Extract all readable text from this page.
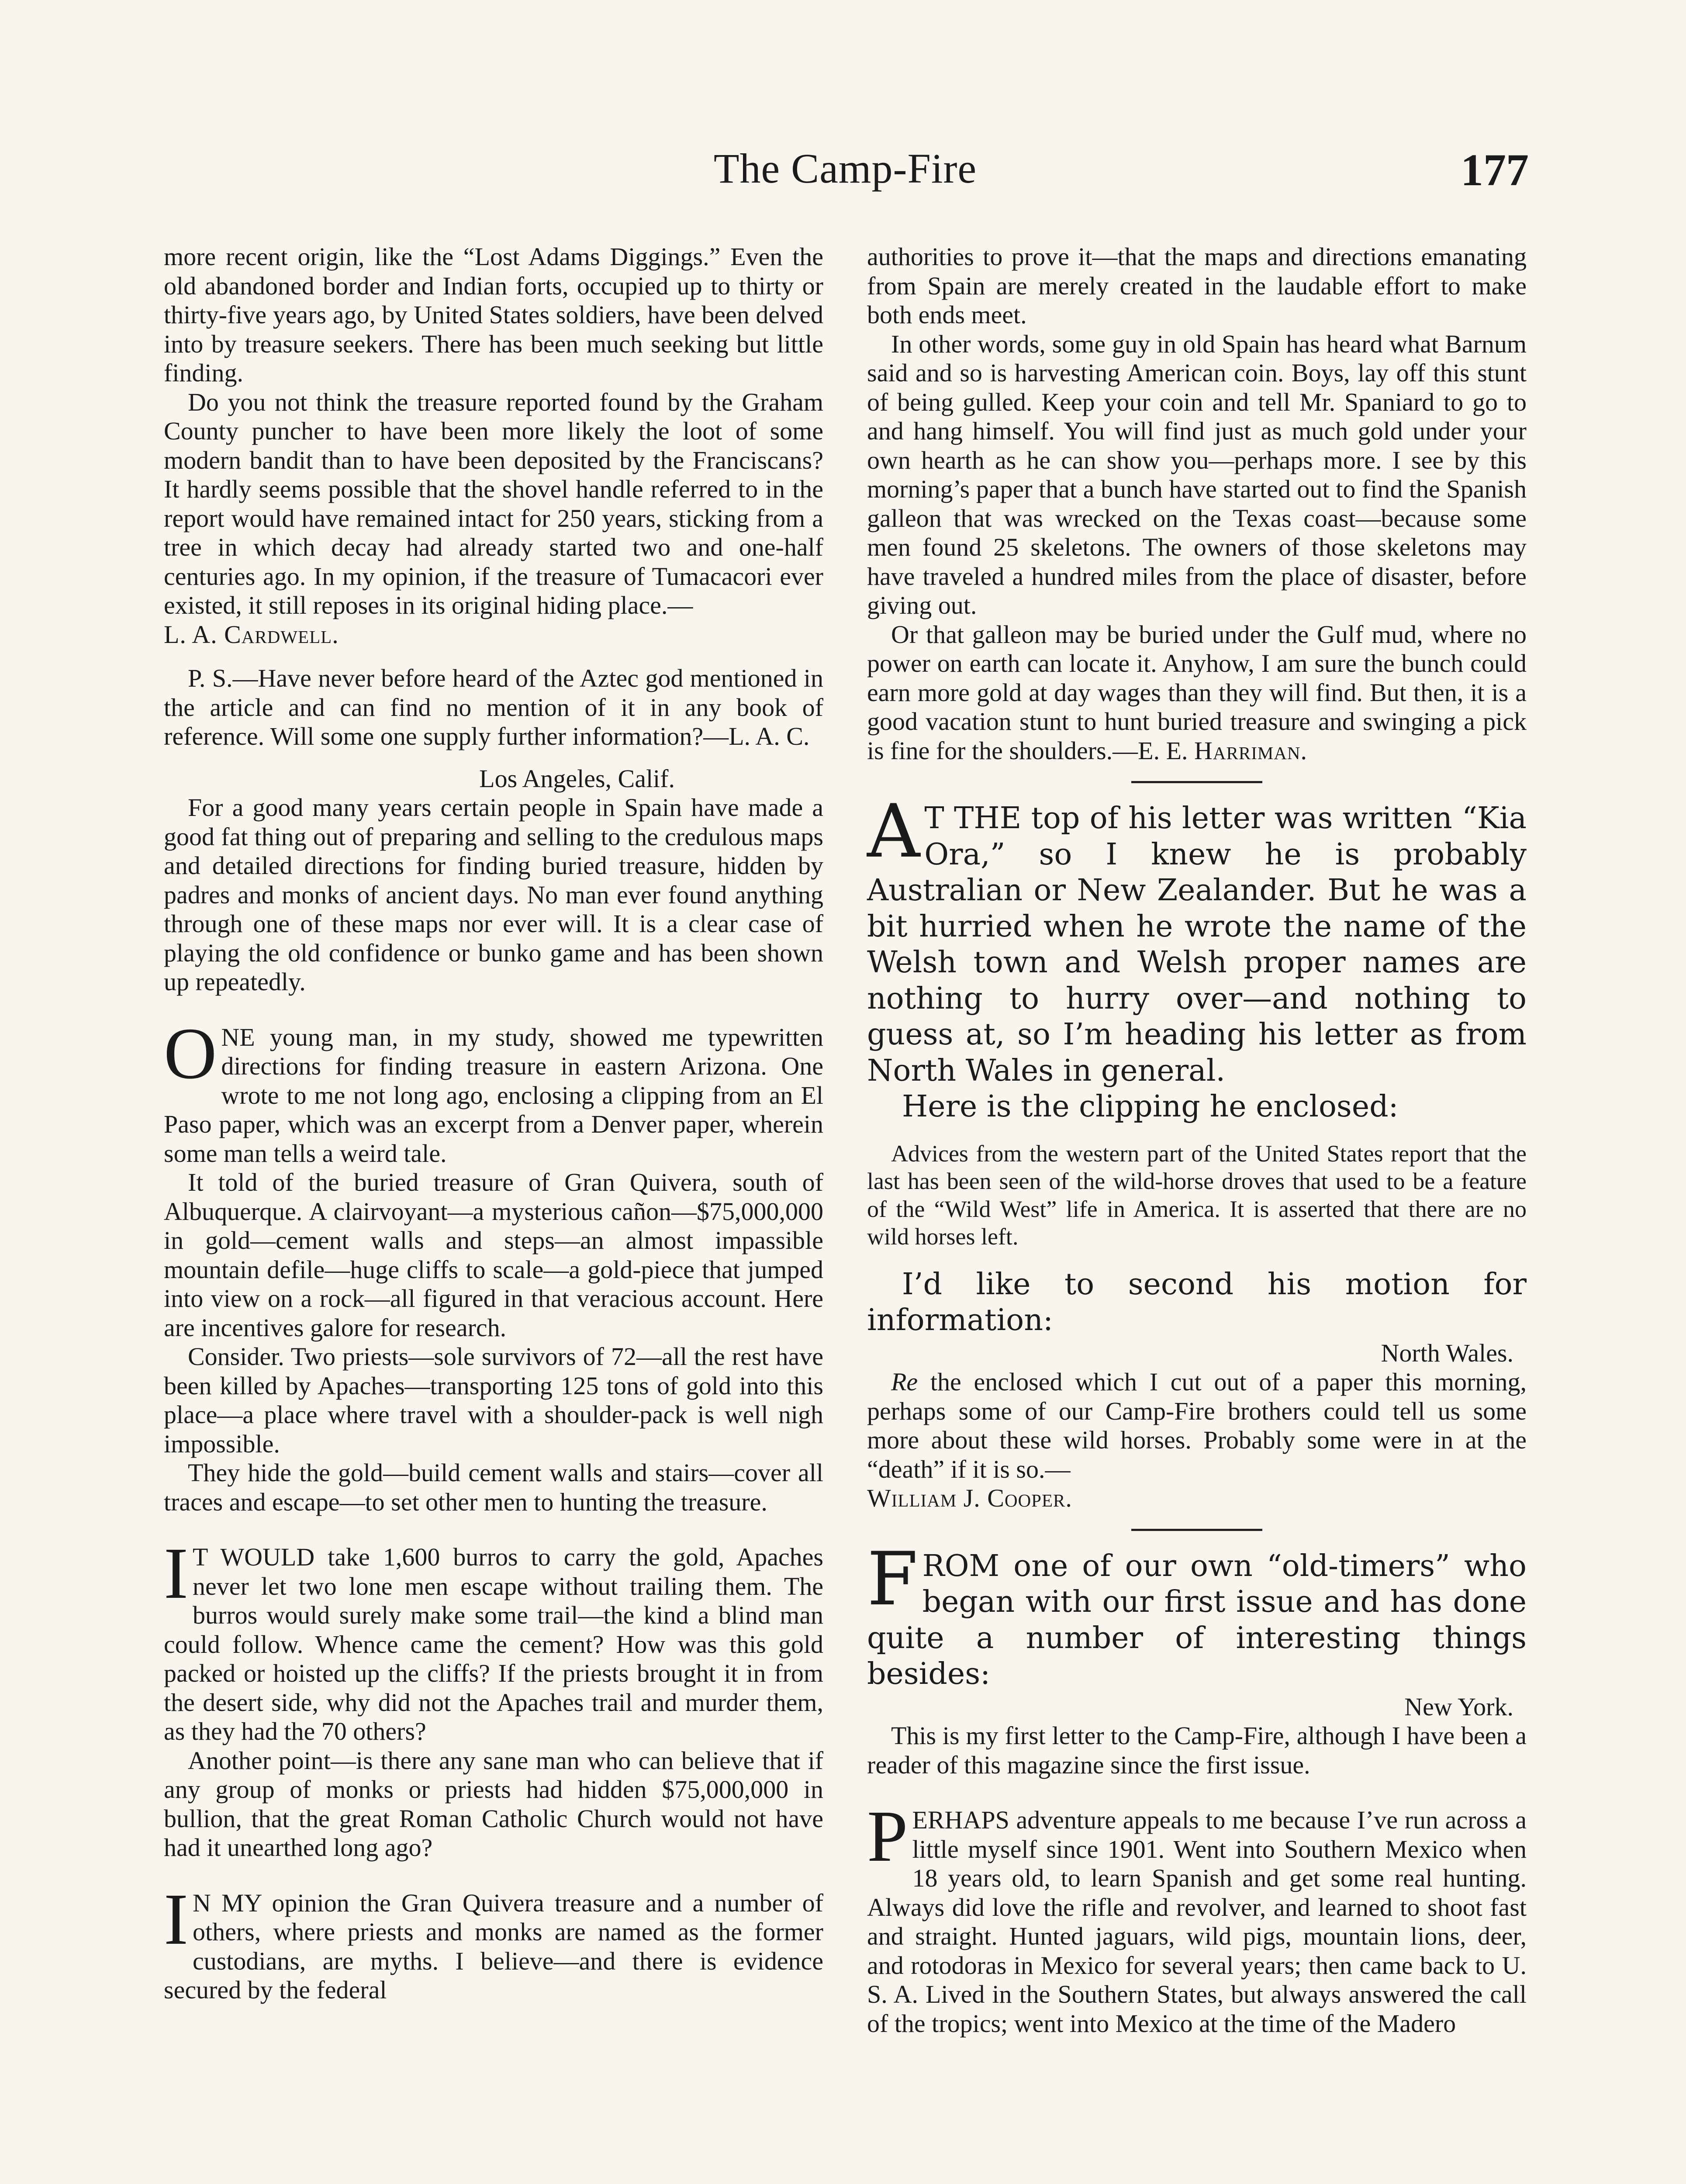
The Camp-Fire	177

more recent origin, like the “Lost Adams Diggings.” Even the old abandoned border and Indian forts, occupied up to thirty or thirty-five years ago, by United States soldiers, have been delved into by treasure seekers. There has been much seeking but little finding.

Do you not think the treasure reported found by the Graham County puncher to have been more likely the loot of some modern bandit than to have been deposited by the Franciscans? It hardly seems possible that the shovel handle referred to in the report would have remained intact for 250 years, sticking from a tree in which decay had already started two and one-half centuries ago. In my opinion, if the treasure of Tumacacori ever existed, it still reposes in its original hiding place.—
L. A. Cardwell.

P. S.—Have never before heard of the Aztec god mentioned in the article and can find no mention of it in any book of reference. Will some one supply further information?—L. A. C.

Los Angeles, Calif.

For a good many years certain people in Spain have made a good fat thing out of preparing and selling to the credulous maps and detailed directions for finding buried treasure, hidden by padres and monks of ancient days. No man ever found anything through one of these maps nor ever will. It is a clear case of playing the old confidence or bunko game and has been shown up repeatedly.

ONE young man, in my study, showed me typewritten directions for finding treasure in eastern Arizona. One wrote to me not long ago, enclosing a clipping from an El Paso paper, which was an excerpt from a Denver paper, wherein some man tells a weird tale.

It told of the buried treasure of Gran Quivera, south of Albuquerque. A clairvoyant—a mysterious cañon—$75,000,000 in gold—cement walls and steps—an almost impassible mountain defile—huge cliffs to scale—a gold-piece that jumped into view on a rock—all figured in that veracious account. Here are incentives galore for research.

Consider. Two priests—sole survivors of 72—all the rest have been killed by Apaches—transporting 125 tons of gold into this place—a place where travel with a shoulder-pack is well nigh impossible.

They hide the gold—build cement walls and stairs—cover all traces and escape—to set other men to hunting the treasure.

I T WOULD take 1,600 burros to carry the gold, Apaches never let two lone men escape without trailing them. The burros would surely make some trail—the kind a blind man could follow. Whence came the cement? How was this gold packed or hoisted up the cliffs? If the priests brought it in from the desert side, why did not the Apaches trail and murder them, as they had the 70 others?

Another point—is there any sane man who can believe that if any group of monks or priests had hidden $75,000,000 in bullion, that the great Roman Catholic Church would not have had it unearthed long ago?

I N MY opinion the Gran Quivera treasure and a number of others, where priests and monks are named as the former custodians, are myths. I believe—and there is evidence secured by the federal

authorities to prove it—that the maps and directions emanating from Spain are merely created in the laudable effort to make both ends meet.

In other words, some guy in old Spain has heard what Barnum said and so is harvesting American coin. Boys, lay off this stunt of being gulled. Keep your coin and tell Mr. Spaniard to go to and hang himself. You will find just as much gold under your own hearth as he can show you—perhaps more. I see by this morning’s paper that a bunch have started out to find the Spanish galleon that was wrecked on the Texas coast—because some men found 25 skeletons. The owners of those skeletons may have traveled a hundred miles from the place of disaster, before giving out.

Or that galleon may be buried under the Gulf mud, where no power on earth can locate it. Anyhow, I am sure the bunch could earn more gold at day wages than they will find. But then, it is a good vacation stunt to hunt buried treasure and swinging a pick is fine for the shoulders.—E. E. Harriman.

A T THE top of his letter was written “Kia Ora,” so I knew he is probably Australian or New Zealander. But he was a bit hurried when he wrote the name of the Welsh town and Welsh proper names are nothing to hurry over—and nothing to guess at, so I’m heading his letter as from North Wales in general.

Here is the clipping he enclosed:

Advices from the western part of the United States report that the last has been seen of the wild-horse droves that used to be a feature of the “Wild West” life in America. It is asserted that there are no wild horses left.

I’d like to second his motion for information:

North Wales.

Re the enclosed which I cut out of a paper this morning, perhaps some of our Camp-Fire brothers could tell us some more about these wild horses. Probably some were in at the “death” if it is so.—
William J. Cooper.

FROM one of our own “old-timers” who began with our first issue and has done quite a number of interesting things besides:

New York.

This is my first letter to the Camp-Fire, although I have been a reader of this magazine since the first issue.

PERHAPS adventure appeals to me because I’ve run across a little myself since 1901. Went into Southern Mexico when 18 years old, to learn Spanish and get some real hunting. Always did love the rifle and revolver, and learned to shoot fast and straight. Hunted jaguars, wild pigs, mountain lions, deer, and rotodoras in Mexico for several years; then came back to U. S. A. Lived in the Southern States, but always answered the call of the tropics; went into Mexico at the time of the Madero
